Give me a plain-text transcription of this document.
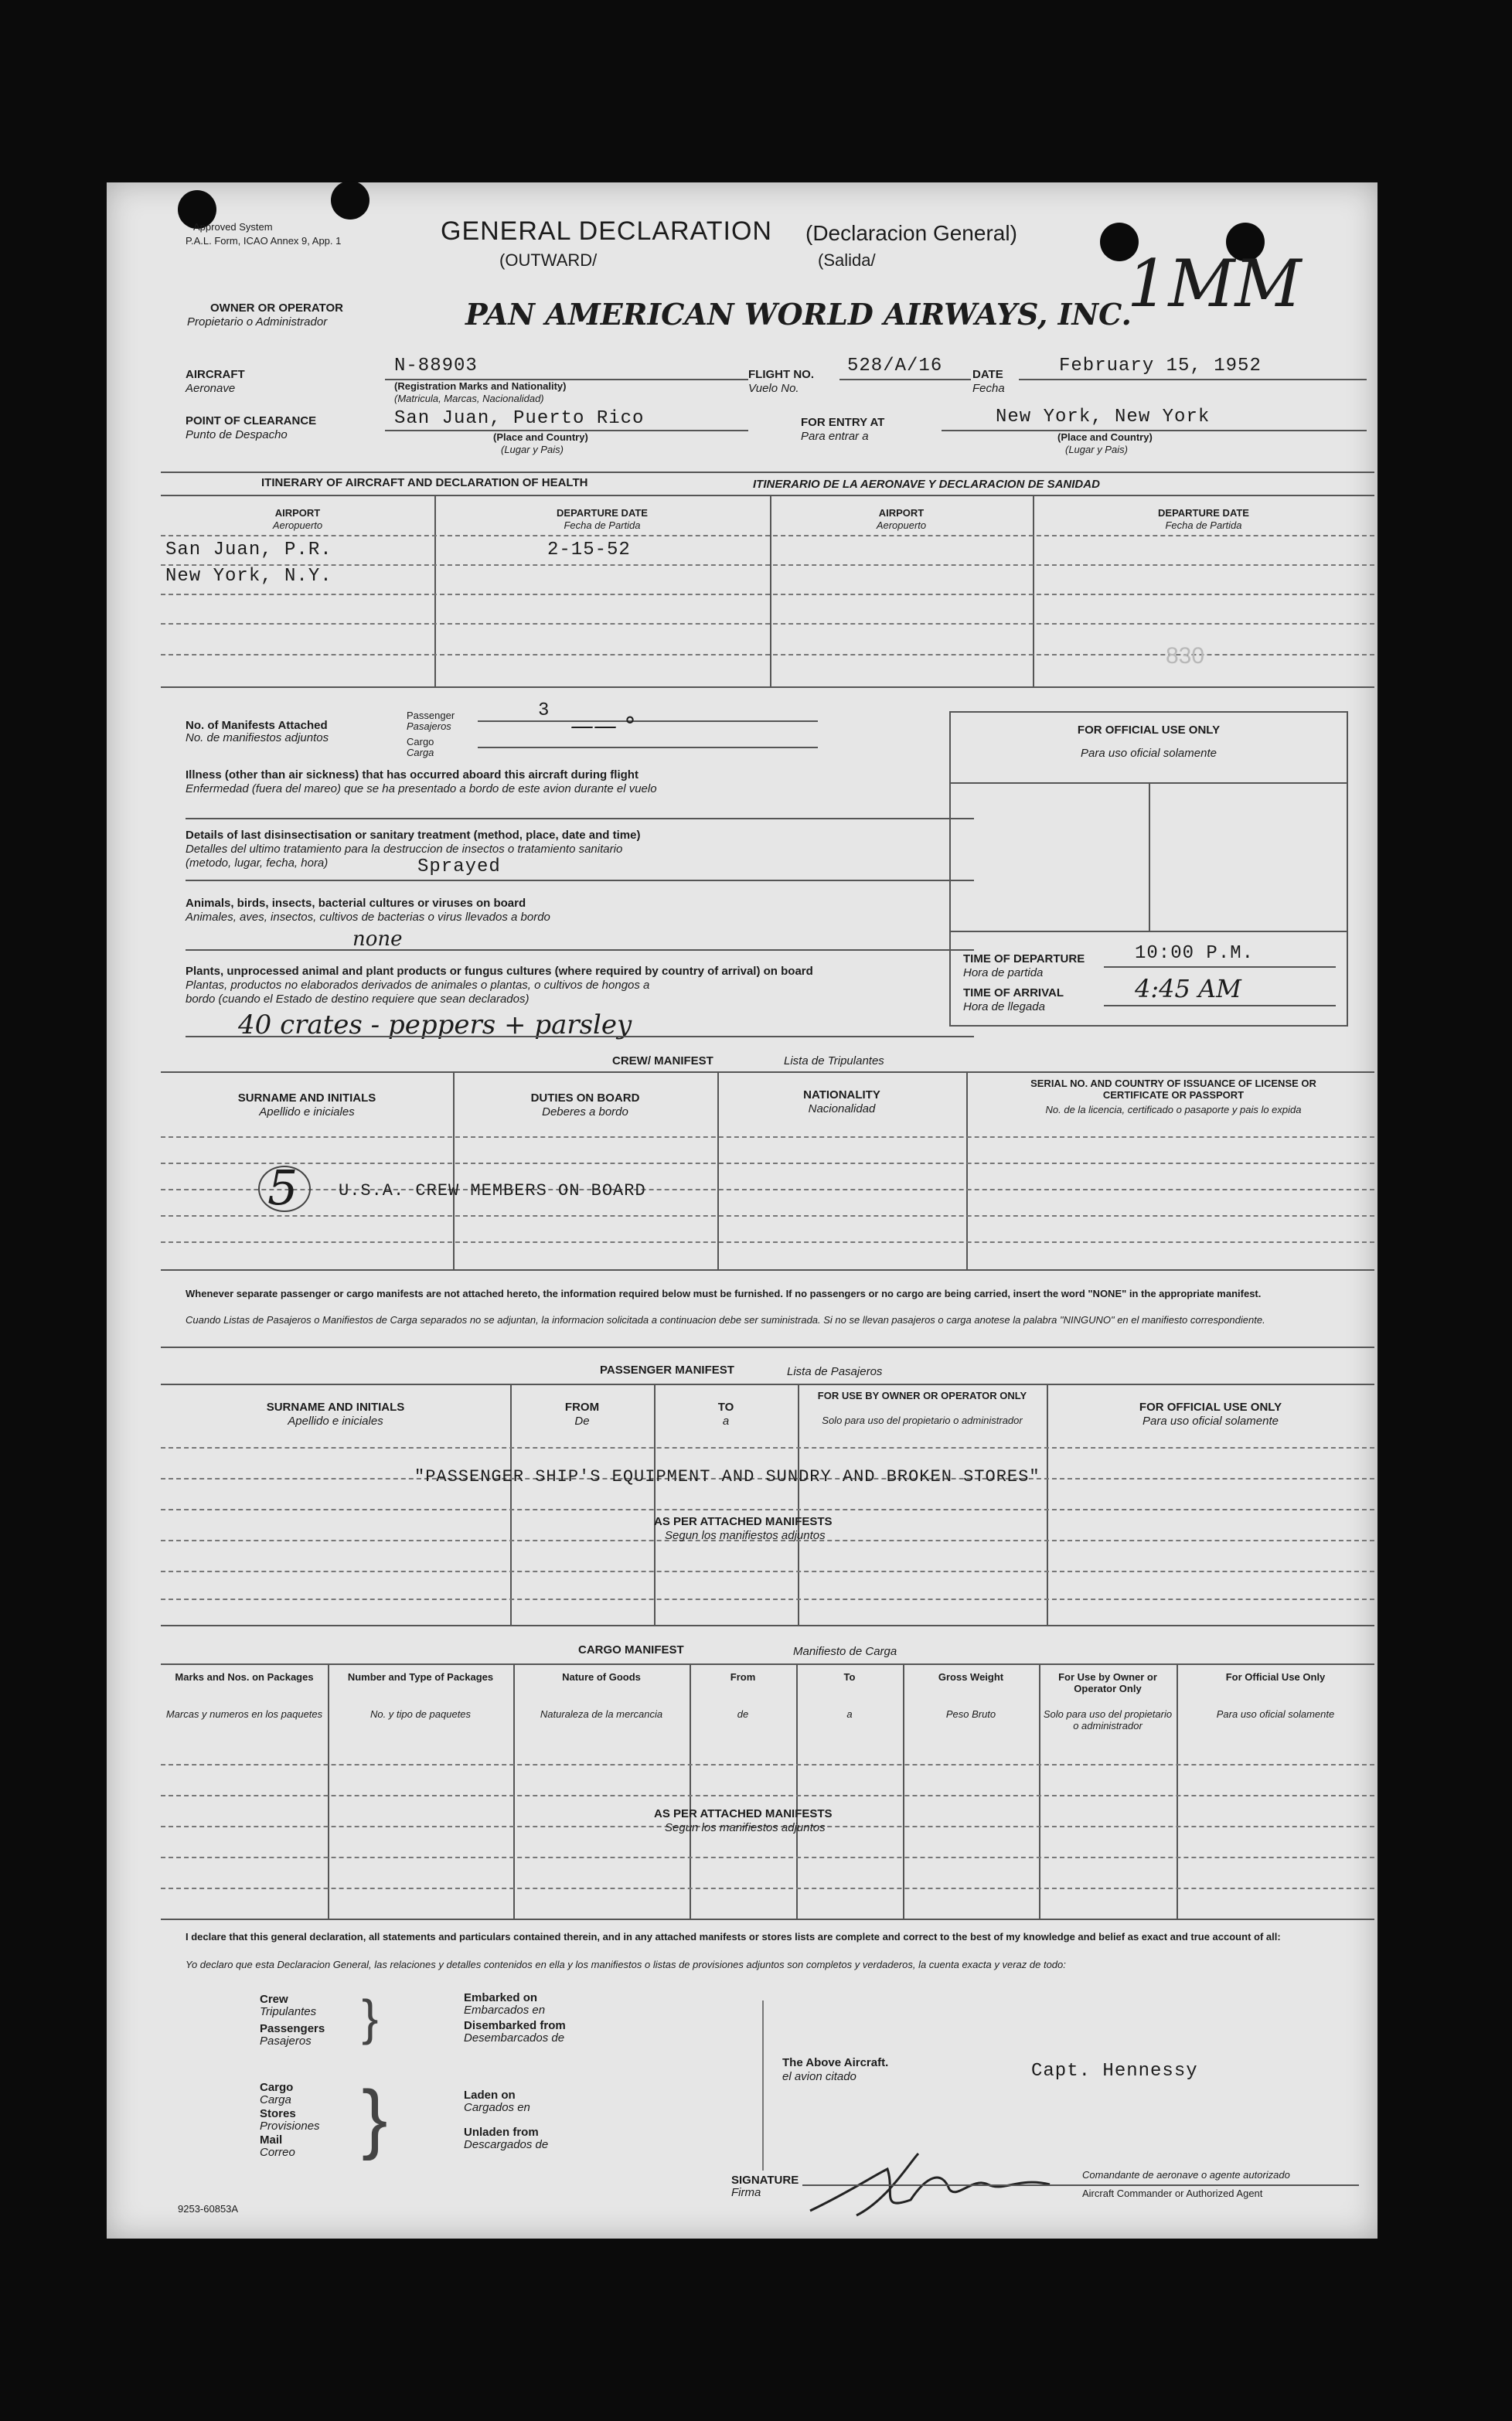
Approved System
P.A.L. Form, ICAO Annex 9, App. 1	GENERAL DECLARATION (Declaracion General)
(OUTWARD/	(Salida/	1MM
OWNER OR OPERATOR
Propietario o Administrador	PAN AMERICAN WORLD AIRWAYS, INC.
AIRCRAFT
Aeronave
N-88903
(Registration Marks and Nationality)
(Matricula, Marcas, Nacionalidad)
FLIGHT NO.
Vuelo No.
528/A/16	DATE
Fecha
February 15, 1952
POINT OF CLEARANCE
Punto de Despacho
San Juan, Puerto Rico
(Place and Country)
(Lugar y Pais)
FOR ENTRY AT
Para entrar a
New York, New York
(Place and Country)
(Lugar y Pais)
ITINERARY OF AIRCRAFT AND DECLARATION OF HEALTH	ITINERARIO DE LA AERONAVE Y DECLARACION DE SANIDAD
AIRPORT
Aeropuerto
DEPARTURE DATE
Fecha de Partida
AIRPORT
Aeropuerto
DEPARTURE DATE
Fecha de Partida
San Juan, P.R.	2-15-52
New York, N.Y.
830
No. of Manifests Attached
No. de manifiestos adjuntos
Passenger
Pasajeros
Cargo
Carga
3
—— °
Illness (other than air sickness) that has occurred aboard this aircraft during flight
Enfermedad (fuera del mareo) que se ha presentado a bordo de este avion durante el vuelo
Details of last disinsectisation or sanitary treatment (method, place, date and time)
Detalles del ultimo tratamiento para la destruccion de insectos o tratamiento sanitario
(metodo, lugar, fecha, hora)	Sprayed
Animals, birds, insects, bacterial cultures or viruses on board
Animales, aves, insectos, cultivos de bacterias o virus llevados a bordo
none
Plants, unprocessed animal and plant products or fungus cultures (where required by country of arrival) on board
Plantas, productos no elaborados derivados de animales o plantas, o cultivos de hongos a
bordo (cuando el Estado de destino requiere que sean declarados)
40 crates - peppers + parsley
FOR OFFICIAL USE ONLY
Para uso oficial solamente
TIME OF DEPARTURE
Hora de partida
10:00 P.M.
TIME OF ARRIVAL
Hora de llegada
4:45 AM
CREW/ MANIFEST	Lista de Tripulantes
SURNAME AND INITIALS
Apellido e iniciales
DUTIES ON BOARD
Deberes a bordo
NATIONALITY
Nacionalidad
SERIAL NO. AND COUNTRY OF ISSUANCE OF LICENSE OR CERTIFICATE OR PASSPORT
No. de la licencia, certificado o pasaporte y pais lo expida
5 U.S.A. CREW MEMBERS ON BOARD
Whenever separate passenger or cargo manifests are not attached hereto, the information required below must be furnished. If no passengers or no cargo are being carried, insert the word "NONE" in the appropriate manifest.
Cuando Listas de Pasajeros o Manifiestos de Carga separados no se adjuntan, la informacion solicitada a continuacion debe ser suministrada. Si no se llevan pasajeros o carga anotese la palabra "NINGUNO" en el manifiesto correspondiente.
PASSENGER MANIFEST	Lista de Pasajeros
SURNAME AND INITIALS
Apellido e iniciales
FROM
De
TO
a
FOR USE BY OWNER OR OPERATOR ONLY
Solo para uso del propietario o administrador
FOR OFFICIAL USE ONLY
Para uso oficial solamente
"PASSENGER SHIP'S EQUIPMENT AND SUNDRY AND BROKEN STORES"
AS PER ATTACHED MANIFESTS
Segun los manifiestos adjuntos
CARGO MANIFEST	Manifiesto de Carga
Marks and Nos. on Packages
Marcas y numeros en los paquetes
Number and Type of Packages
No. y tipo de paquetes
Nature of Goods
Naturaleza de la mercancia
From
de
To
a
Gross Weight
Peso Bruto
For Use by Owner or Operator Only
Solo para uso del propietario o administrador
For Official Use Only
Para uso oficial solamente
AS PER ATTACHED MANIFESTS
Segun los manifiestos adjuntos
I declare that this general declaration, all statements and particulars contained therein, and in any attached manifests or stores lists are complete and correct to the best of my knowledge and belief as exact and true account of all:
Yo declaro que esta Declaracion General, las relaciones y detalles contenidos en ella y los manifiestos o listas de provisiones adjuntos son completos y verdaderos, la cuenta exacta y veraz de todo:
Crew
Tripulantes
Passengers
Pasajeros }
Cargo
Carga
Stores
Provisiones
Mail
Correo }
Embarked on
Embarcados en
Disembarked from
Desembarcados de
Laden on
Cargados en
Unladen from
Descargados de
The Above Aircraft.
el avion citado	Capt. Hennessy
SIGNATURE
Firma
Comandante de aeronave o agente autorizado
Aircraft Commander or Authorized Agent
9253-60853A
